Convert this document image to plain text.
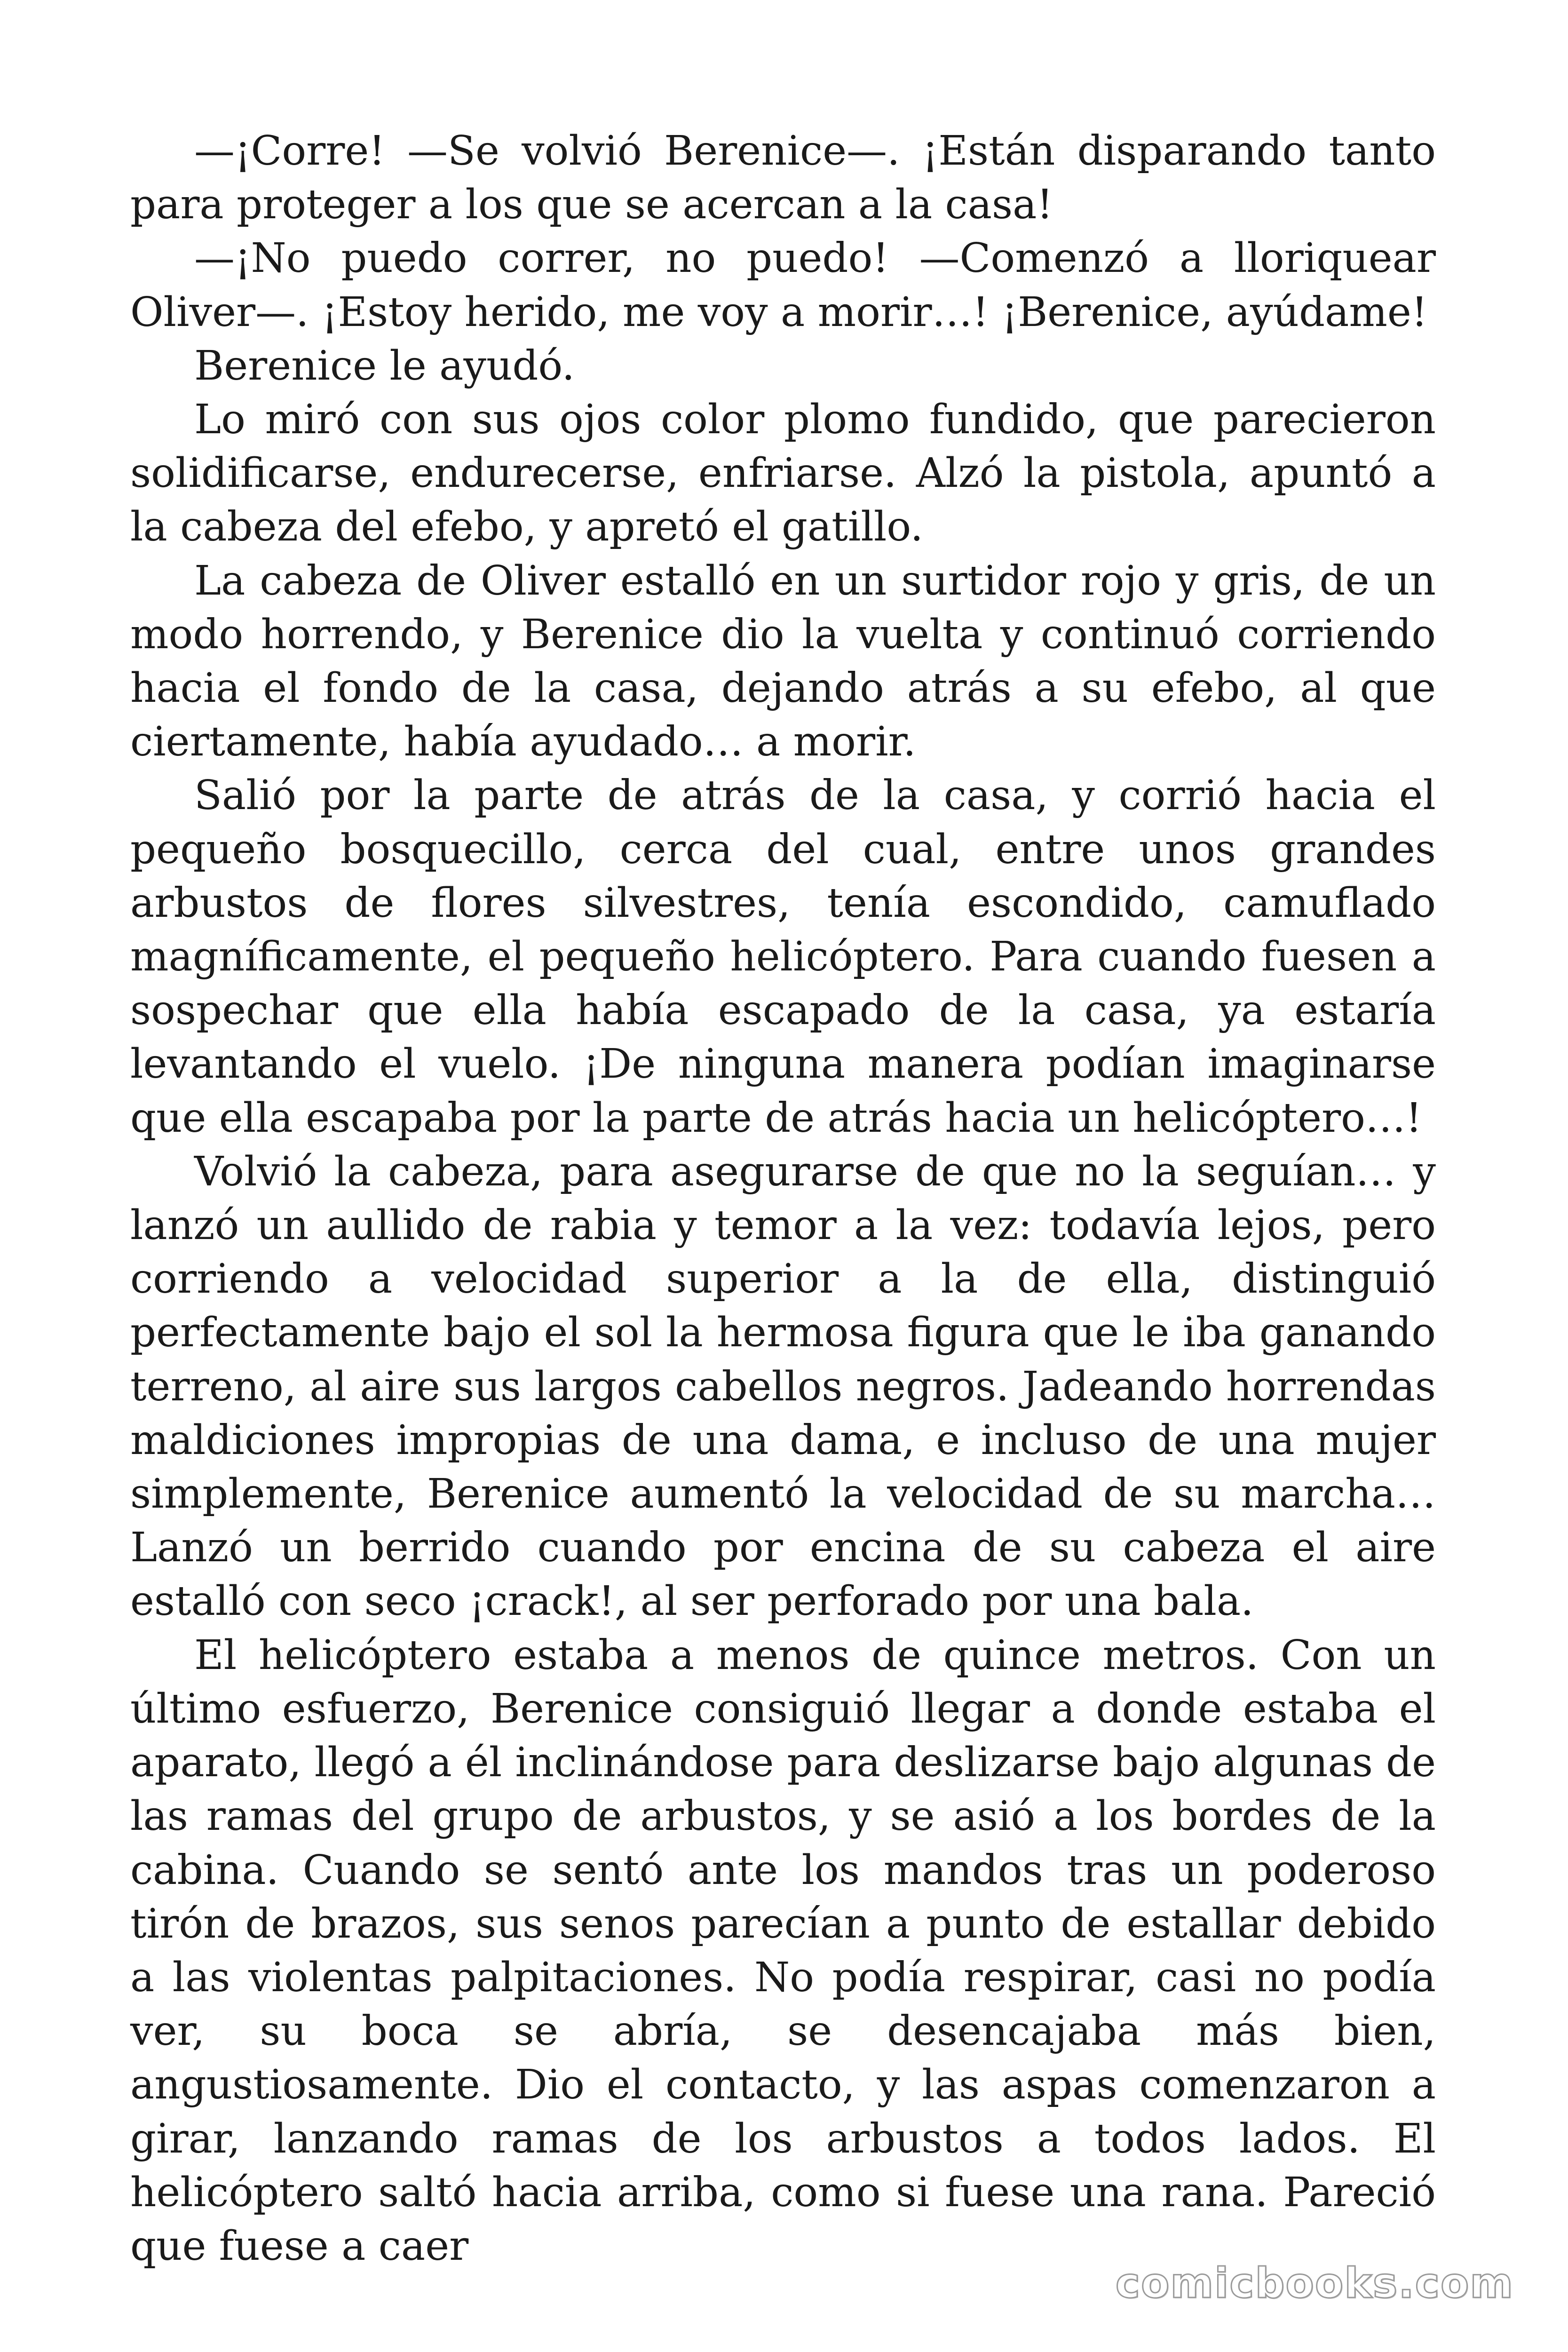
—¡Corre! —Se volvió Berenice—. ¡Están disparando tanto para proteger a los que se acercan a la casa!

—¡No puedo correr, no puedo! —Comenzó a lloriquear Oliver—. ¡Estoy herido, me voy a morir…! ¡Berenice, ayúdame!

Berenice le ayudó.

Lo miró con sus ojos color plomo fundido, que parecieron solidificarse, endurecerse, enfriarse. Alzó la pistola, apuntó a la cabeza del efebo, y apretó el gatillo.

La cabeza de Oliver estalló en un surtidor rojo y gris, de un modo horrendo, y Berenice dio la vuelta y continuó corriendo hacia el fondo de la casa, dejando atrás a su efebo, al que ciertamente, había ayudado… a morir.

Salió por la parte de atrás de la casa, y corrió hacia el pequeño bosquecillo, cerca del cual, entre unos grandes arbustos de flores silvestres, tenía escondido, camuflado magníficamente, el pequeño helicóptero. Para cuando fuesen a sospechar que ella había escapado de la casa, ya estaría levantando el vuelo. ¡De ninguna manera podían imaginarse que ella escapaba por la parte de atrás hacia un helicóptero…!

Volvió la cabeza, para asegurarse de que no la seguían… y lanzó un aullido de rabia y temor a la vez: todavía lejos, pero corriendo a velocidad superior a la de ella, distinguió perfectamente bajo el sol la hermosa figura que le iba ganando terreno, al aire sus largos cabellos negros. Jadeando horrendas maldiciones impropias de una dama, e incluso de una mujer simplemente, Berenice aumentó la velocidad de su marcha… Lanzó un berrido cuando por encina de su cabeza el aire estalló con seco ¡crack!, al ser perforado por una bala.

El helicóptero estaba a menos de quince metros. Con un último esfuerzo, Berenice consiguió llegar a donde estaba el aparato, llegó a él inclinándose para deslizarse bajo algunas de las ramas del grupo de arbustos, y se asió a los bordes de la cabina. Cuando se sentó ante los mandos tras un poderoso tirón de brazos, sus senos parecían a punto de estallar debido a las violentas palpitaciones. No podía respirar, casi no podía ver, su boca se abría, se desencajaba más bien, angustiosamente. Dio el contacto, y las aspas comenzaron a girar, lanzando ramas de los arbustos a todos lados. El helicóptero saltó hacia arriba, como si fuese una rana. Pareció que fuese a caer

comicbooks.com
